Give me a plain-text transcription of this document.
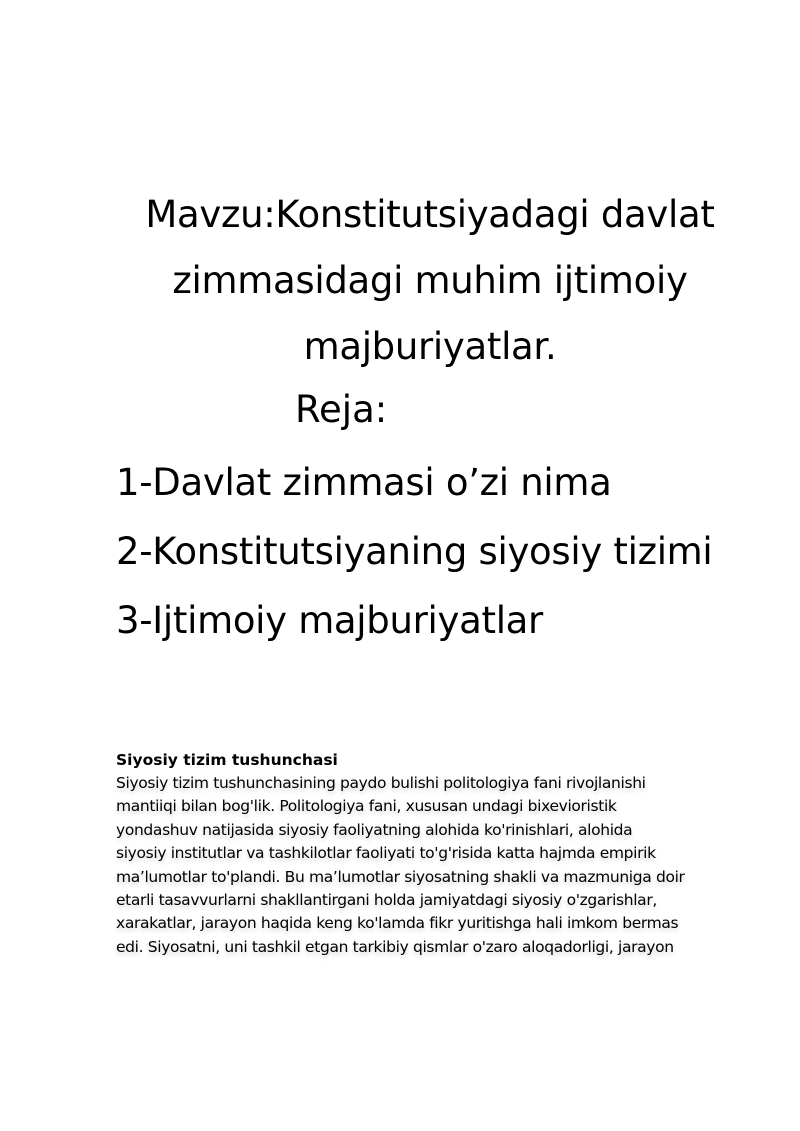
Mavzu:Konstitutsiyadagi davlat
zimmasidagi muhim ijtimoiy
majburiyatlar.
Reja:
1-Davlat zimmasi o’zi nima
2-Konstitutsiyaning siyosiy tizimi
3-Ijtimoiy majburiyatlar
Siyosiy tizim tushunchasi

Siyosiy tizim tushunchasining paydo bulishi politologiya fani rivojlanishi
mantiiqi bilan bog'lik. Politologiya fani, xususan undagi bixevioristik
yondashuv natijasida siyosiy faoliyatning alohida ko'rinishlari, alohida
siyosiy institutlar va tashkilotlar faoliyati to'g'risida katta hajmda empirik
ma’lumotlar to'plandi. Bu ma’lumotlar siyosatning shakli va mazmuniga doir
etarli tasavvurlarni shakllantirgani holda jamiyatdagi siyosiy o'zgarishlar,
xarakatlar, jarayon haqida keng ko'lamda fikr yuritishga hali imkom bermas
edi. Siyosatni, uni tashkil etgan tarkibiy qismlar o'zaro aloqadorligi, jarayon
